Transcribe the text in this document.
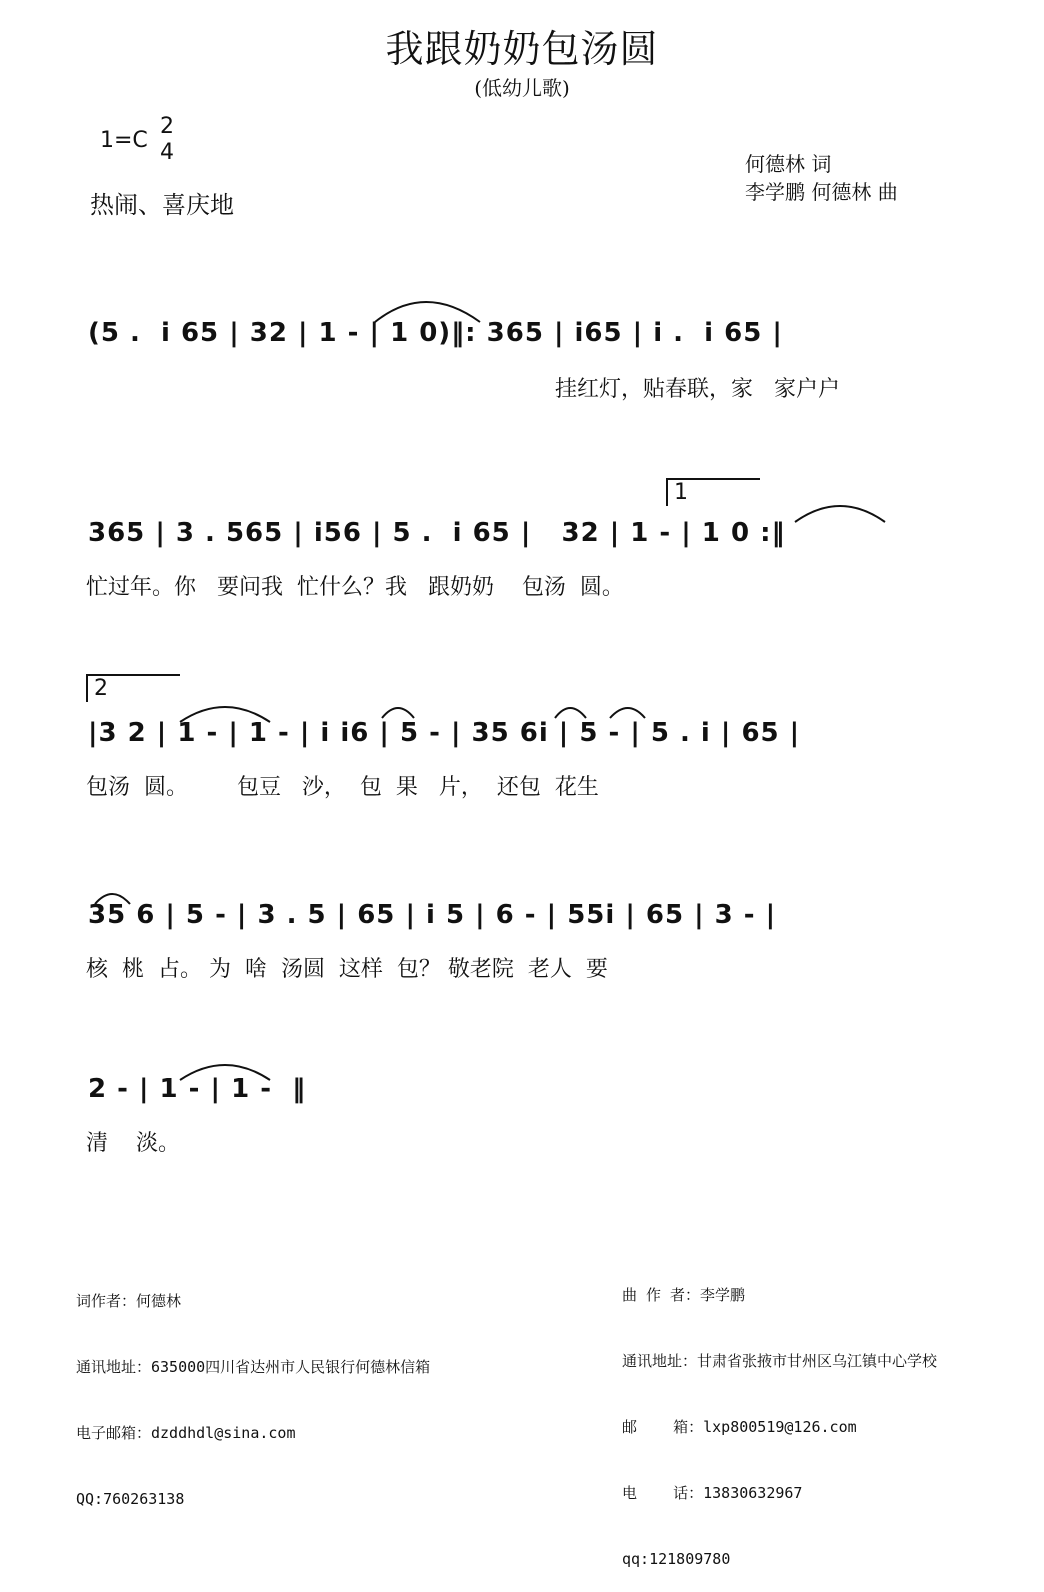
我跟奶奶包汤圆
(低幼儿歌)
1=C
2
4
热闹、喜庆地
何德林 词
李学鹏 何德林 曲
(5 .  i 65 | 32 | 1 - | 1 0)‖: 365 | i65 | i .  i 65 |
挂红灯，贴春联，家   家户户
1
365 | 3 . 565 | i56 | 5 .  i 65 |   32 | 1 - | 1 0 :‖
忙过年。你   要问我  忙什么？我   跟奶奶    包汤  圆。
2
|3 2 | 1 - | 1 - | i i6 | 5 - | 35 6i | 5 - | 5 . i | 65 |
包汤  圆。       包豆   沙，  包  果   片，  还包  花生
35 6 | 5 - | 3 . 5 | 65 | i 5 | 6 - | 55i | 65 | 3 - |
核  桃  占。 为  啥  汤圆  这样  包？ 敬老院  老人  要
2 - | 1 - | 1 -  ‖
清    淡。

词作者：何德林

通讯地址：635000四川省达州市人民银行何德林信箱

电子邮箱：dzddhdl@sina.com

QQ:760263138

曲 作 者：李学鹏

通讯地址：甘肃省张掖市甘州区乌江镇中心学校

邮    箱：lxp800519@126.com

电    话：13830632967

qq:121809780
